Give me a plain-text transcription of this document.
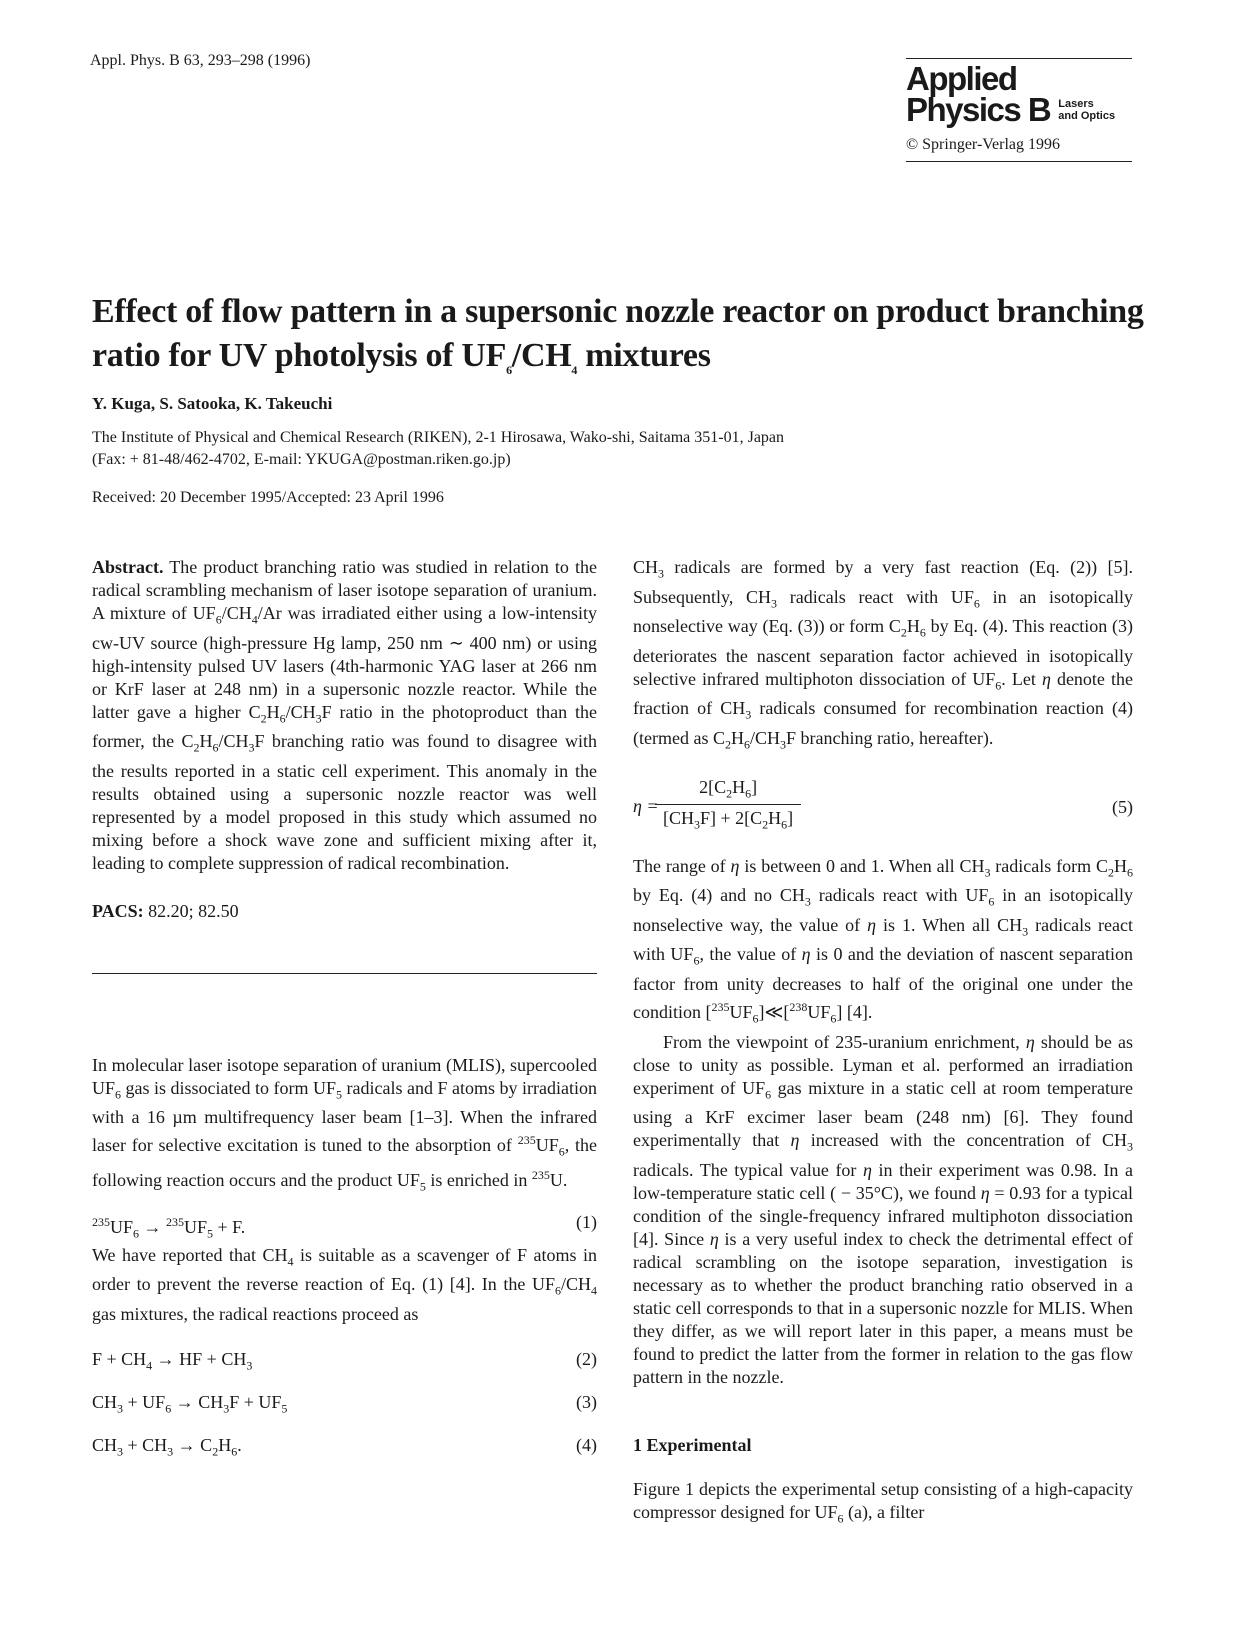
Appl. Phys. B 63, 293–298 (1996)	Applied
Physics B Lasers
and Optics
© Springer-Verlag 1996
Effect of flow pattern in a supersonic nozzle reactor on product branching
ratio for UV photolysis of $UF_6/CH_4$ mixtures
Y. Kuga, S. Satooka, K. Takeuchi
The Institute of Physical and Chemical Research (RIKEN), 2-1 Hirosawa, Wako-shi, Saitama 351-01, Japan
(Fax: + 81-48/462-4702, E-mail: YKUGA@postman.riken.go.jp)
Received: 20 December 1995/Accepted: 23 April 1996

Abstract. The product branching ratio was studied in relation to the radical scrambling mechanism of laser isotope separation of uranium. A mixture of $UF_6/CH_4/Ar$ was irradiated either using a low-intensity cw-UV source (high-pressure Hg lamp, 250 nm ∼ 400 nm) or using high-intensity pulsed UV lasers (4th-harmonic YAG laser at 266 nm or KrF laser at 248 nm) in a supersonic nozzle reactor. While the latter gave a higher $C_2H_6/CH_3F$ ratio in the photoproduct than the former, the $C_2H_6/CH_3F$ branching ratio was found to disagree with the results reported in a static cell experiment. This anomaly in the results obtained using a supersonic nozzle reactor was well represented by a model proposed in this study which assumed no mixing before a shock wave zone and sufficient mixing after it, leading to complete suppression of radical recombination.

PACS: 82.20; 82.50

In molecular laser isotope separation of uranium (MLIS), supercooled $UF_6$ gas is dissociated to form $UF_5$ radicals and F atoms by irradiation with a 16 µm multifrequency laser beam [1–3]. When the infrared laser for selective excitation is tuned to the absorption of $^{235}UF_6$, the following reaction occurs and the product $UF_5$ is enriched in $^{235}$U.

$^{235}UF_6 \to ^{235}UF_5 + F$.	(1)

We have reported that $CH_4$ is suitable as a scavenger of F atoms in order to prevent the reverse reaction of Eq. (1) [4]. In the $UF_6/CH_4$ gas mixtures, the radical reactions proceed as

$F + CH_4$ → HF + $CH_3$	(2)
$CH_3 + UF_6 \to CH_3F + UF_5$	(3)
$CH_3 + CH_3 \to C_2H_6$.	(4)

$CH_3$ radicals are formed by a very fast reaction (Eq. (2)) [5]. Subsequently, $CH_3$ radicals react with $UF_6$ in an isotopically nonselective way (Eq. (3)) or form $C_2H_6$ by Eq. (4). This reaction (3) deteriorates the nascent separation factor achieved in isotopically selective infrared multiphoton dissociation of $UF_6$. Let η denote the fraction of $CH_3$ radicals consumed for recombination reaction (4) (termed as $C_2H_6/CH_3F$ branching ratio, hereafter).

η =
$\frac{2[C_2H_6]}{[CH_3F] + 2[C_2H_6]}$	(5)

The range of η is between 0 and 1. When all $CH_3$ radicals form $C_2H_6$ by Eq. (4) and no $CH_3$ radicals react with $UF_6$ in an isotopically nonselective way, the value of η is 1. When all $CH_3$ radicals react with $UF_6$, the value of η is 0 and the deviation of nascent separation factor from unity decreases to half of the original one under the condition $[^{235}UF_6]≪[^{238}UF_6]$ [4].

From the viewpoint of 235-uranium enrichment, η should be as close to unity as possible. Lyman et al. performed an irradiation experiment of $UF_6$ gas mixture in a static cell at room temperature using a KrF excimer laser beam (248 nm) [6]. They found experimentally that η increased with the concentration of $CH_3$ radicals. The typical value for η in their experiment was 0.98. In a low-temperature static cell ( − 35°C), we found η = 0.93 for a typical condition of the single-frequency infrared multiphoton dissociation [4]. Since η is a very useful index to check the detrimental effect of radical scrambling on the isotope separation, investigation is necessary as to whether the product branching ratio observed in a static cell corresponds to that in a supersonic nozzle for MLIS. When they differ, as we will report later in this paper, a means must be found to predict the latter from the former in relation to the gas flow pattern in the nozzle.

1 Experimental

Figure 1 depicts the experimental setup consisting of a high-capacity compressor designed for $UF_6$ (a), a filter
